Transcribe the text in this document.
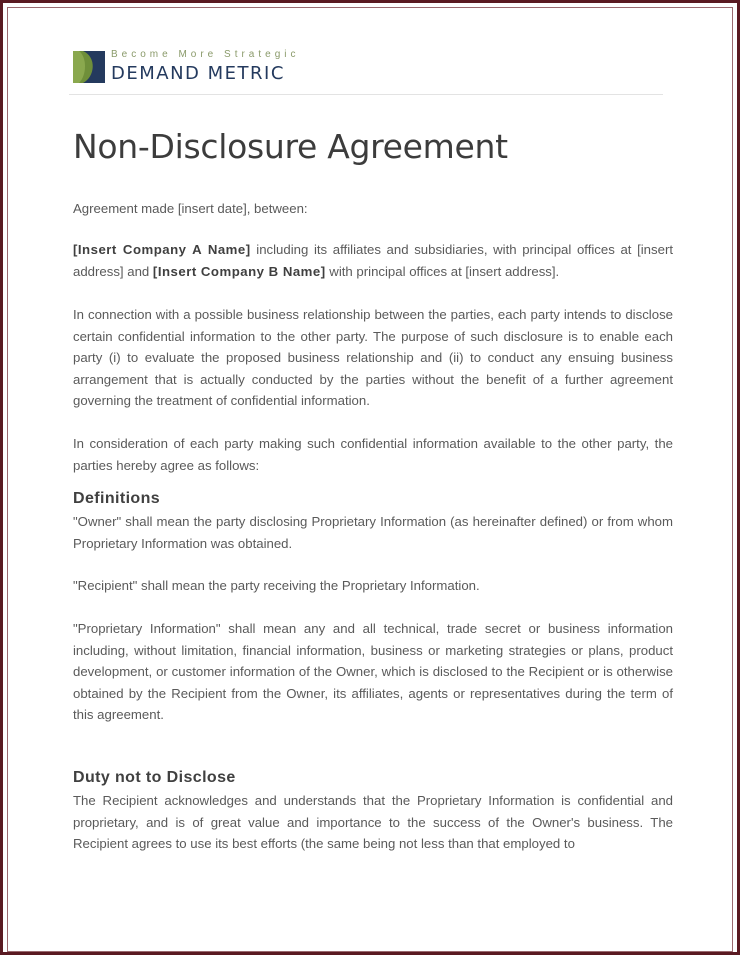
Become More Strategic
DEMAND METRIC
Non-Disclosure Agreement
Agreement made [insert date], between:
[Insert Company A Name] including its affiliates and subsidiaries, with principal offices at [insert address] and [Insert Company B Name] with principal offices at [insert address].
In connection with a possible business relationship between the parties, each party intends to disclose certain confidential information to the other party. The purpose of such disclosure is to enable each party (i) to evaluate the proposed business relationship and (ii) to conduct any ensuing business arrangement that is actually conducted by the parties without the benefit of a further agreement governing the treatment of confidential information.
In consideration of each party making such confidential information available to the other party, the parties hereby agree as follows:
Definitions
"Owner" shall mean the party disclosing Proprietary Information (as hereinafter defined) or from whom Proprietary Information was obtained.
"Recipient" shall mean the party receiving the Proprietary Information.
"Proprietary Information" shall mean any and all technical, trade secret or business information including, without limitation, financial information, business or marketing strategies or plans, product development, or customer information of the Owner, which is disclosed to the Recipient or is otherwise obtained by the Recipient from the Owner, its affiliates, agents or representatives during the term of this agreement.
Duty not to Disclose
The Recipient acknowledges and understands that the Proprietary Information is confidential and proprietary, and is of great value and importance to the success of the Owner's business. The Recipient agrees to use its best efforts (the same being not less than that employed to
